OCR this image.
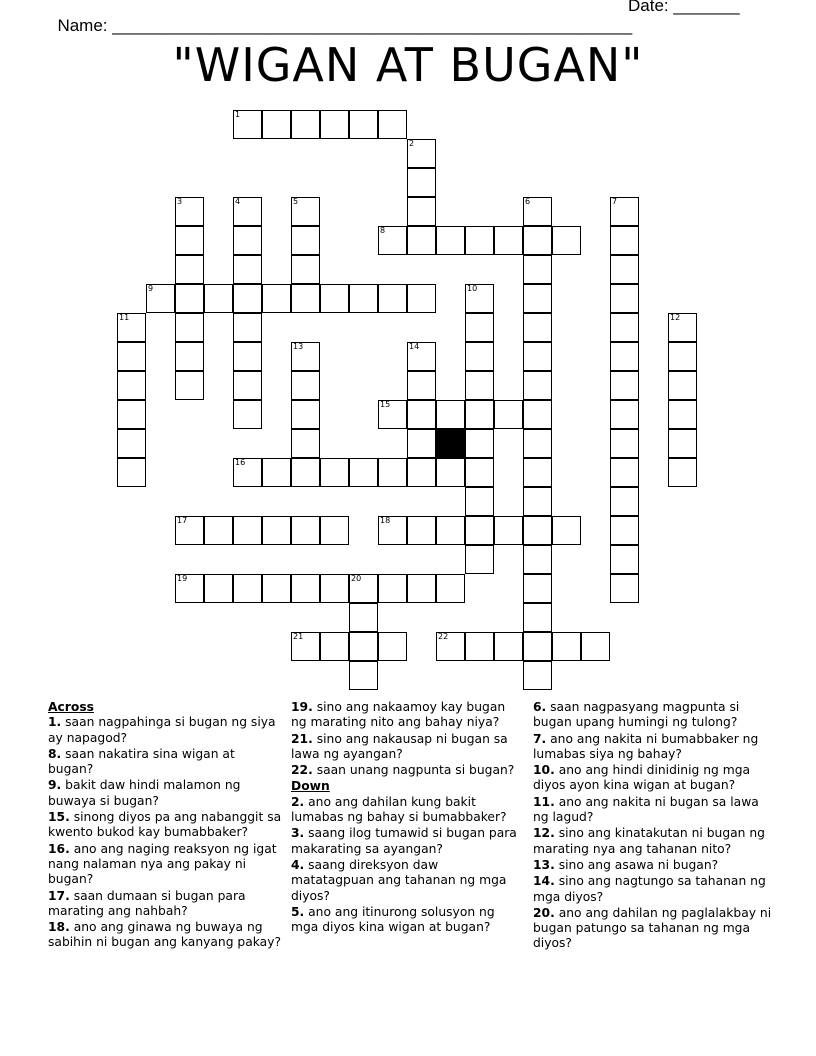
Name: _______________________________________________________

Date: _______

"WIGAN AT BUGAN"
1
2
3	4	5	6	7
8
9	10
11	12
13	14
15
16
17	18
19	20
21	22
Across
1. saan nagpahinga si bugan ng siya ay napagod?
8. saan nakatira sina wigan at bugan?
9. bakit daw hindi malamon ng buwaya si bugan?
15. sinong diyos pa ang nabanggit sa kwento bukod kay bumabbaker?
16. ano ang naging reaksyon ng igat nang nalaman nya ang pakay ni bugan?
17. saan dumaan si bugan para marating ang nahbah?
18. ano ang ginawa ng buwaya ng sabihin ni bugan ang kanyang pakay?
19. sino ang nakaamoy kay bugan ng marating nito ang bahay niya?
21. sino ang nakausap ni bugan sa lawa ng ayangan?
22. saan unang nagpunta si bugan?
Down
2. ano ang dahilan kung bakit lumabas ng bahay si bumabbaker?
3. saang ilog tumawid si bugan para makarating sa ayangan?
4. saang direksyon daw matatagpuan ang tahanan ng mga diyos?
5. ano ang itinurong solusyon ng mga diyos kina wigan at bugan?
6. saan nagpasyang magpunta si bugan upang humingi ng tulong?
7. ano ang nakita ni bumabbaker ng lumabas siya ng bahay?
10. ano ang hindi dinidinig ng mga diyos ayon kina wigan at bugan?
11. ano ang nakita ni bugan sa lawa ng lagud?
12. sino ang kinatakutan ni bugan ng marating nya ang tahanan nito?
13. sino ang asawa ni bugan?
14. sino ang nagtungo sa tahanan ng mga diyos?
20. ano ang dahilan ng paglalakbay ni bugan patungo sa tahanan ng mga diyos?
